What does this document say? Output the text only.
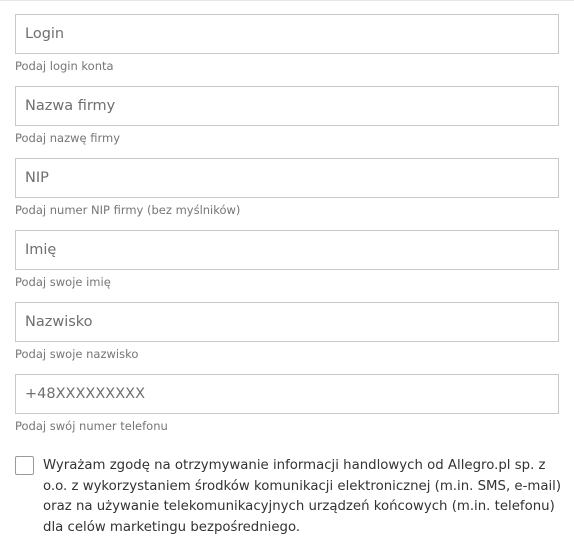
Login
Podaj login konta
Nazwa firmy
Podaj nazwę firmy
NIP
Podaj numer NIP firmy (bez myślników)
Imię
Podaj swoje imię
Nazwisko
Podaj swoje nazwisko
+48XXXXXXXXX
Podaj swój numer telefonu

Wyrażam zgodę na otrzymywanie informacji handlowych od Allegro.pl sp. z o.o. z wykorzystaniem środków komunikacji elektronicznej (m.in. SMS, e-mail) oraz na używanie telekomunikacyjnych urządzeń końcowych (m.in. telefonu) dla celów marketingu bezpośredniego.
